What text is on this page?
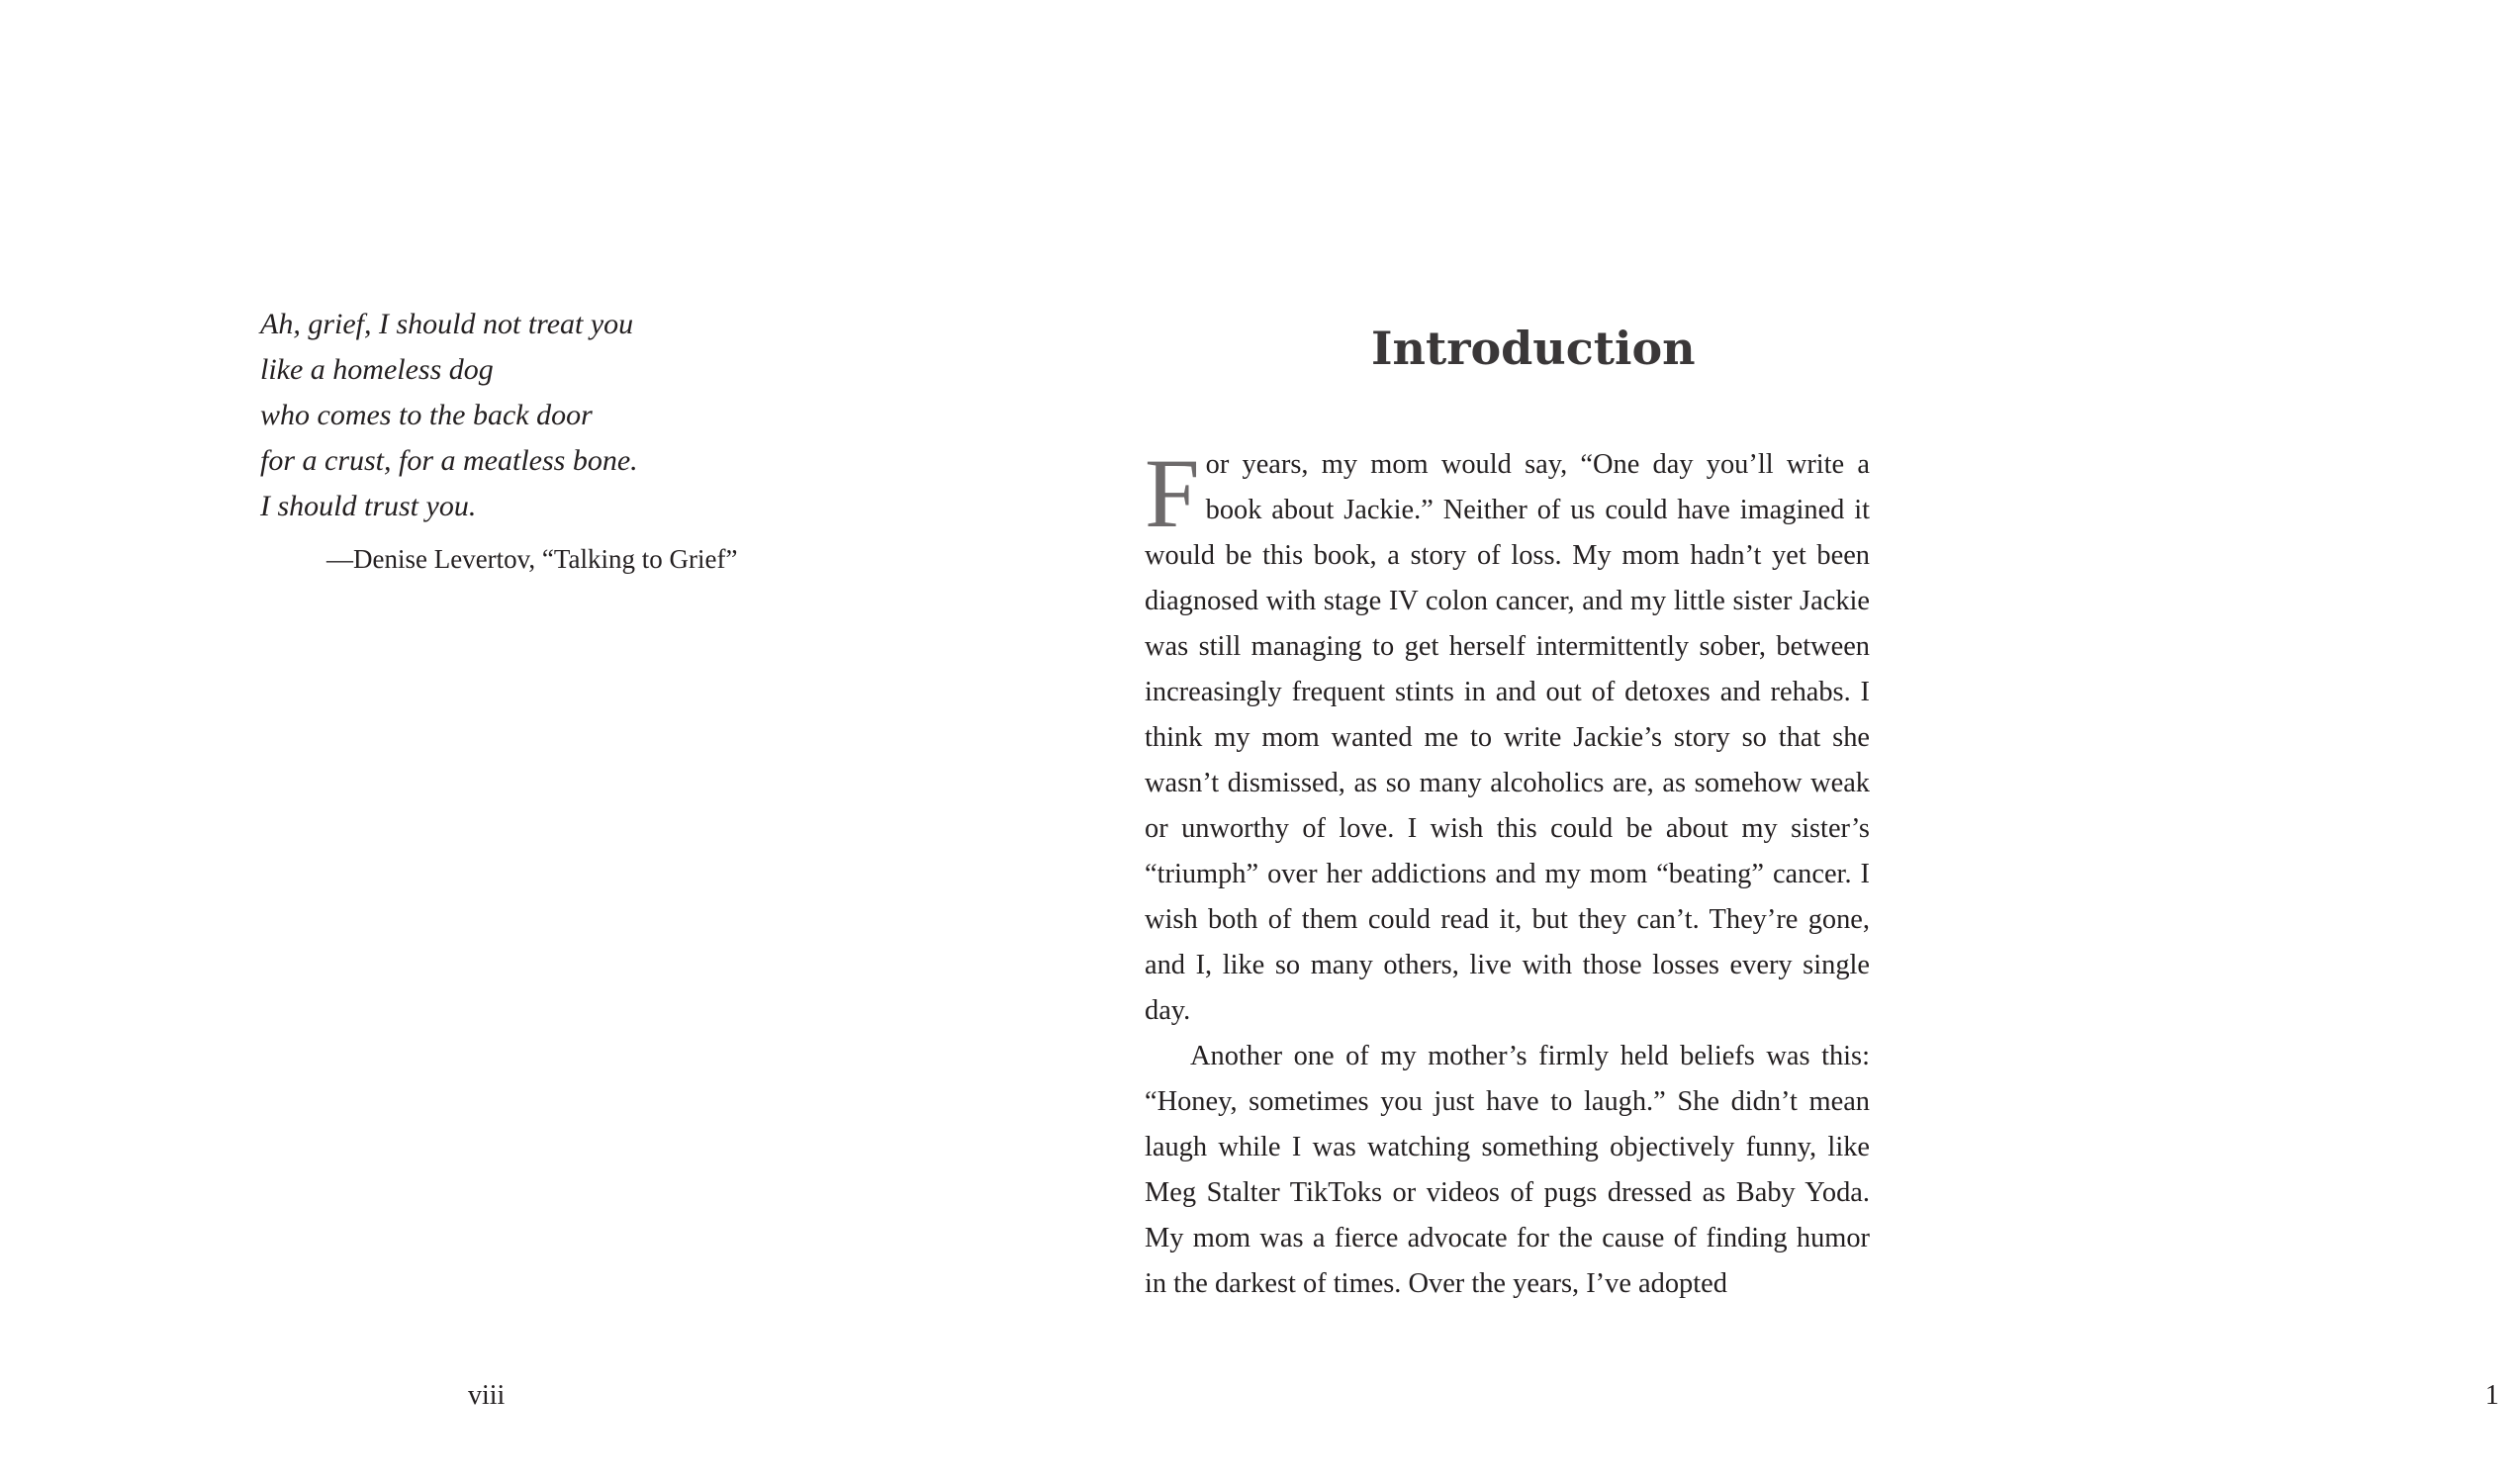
Ah, grief, I should not treat you
like a homeless dog
who comes to the back door
for a crust, for a meatless bone.
I should trust you.
—Denise Levertov, “Talking to Grief”
viii
Introduction

For years, my mom would say, “One day you’ll write a book about Jackie.” Neither of us could have imagined it would be this book, a story of loss. My mom hadn’t yet been diagnosed with stage IV colon cancer, and my little sister Jackie was still managing to get herself intermittently sober, between increasingly frequent stints in and out of detoxes and rehabs. I think my mom wanted me to write Jackie’s story so that she wasn’t dismissed, as so many alcoholics are, as somehow weak or unworthy of love. I wish this could be about my sister’s “triumph” over her addictions and my mom “beating” cancer. I wish both of them could read it, but they can’t. They’re gone, and I, like so many others, live with those losses every single day.

Another one of my mother’s firmly held beliefs was this: “Honey, sometimes you just have to laugh.” She didn’t mean laugh while I was watching something objectively funny, like Meg Stalter TikToks or videos of pugs dressed as Baby Yoda. My mom was a fierce advocate for the cause of finding humor in the darkest of times. Over the years, I’ve adopted

1
